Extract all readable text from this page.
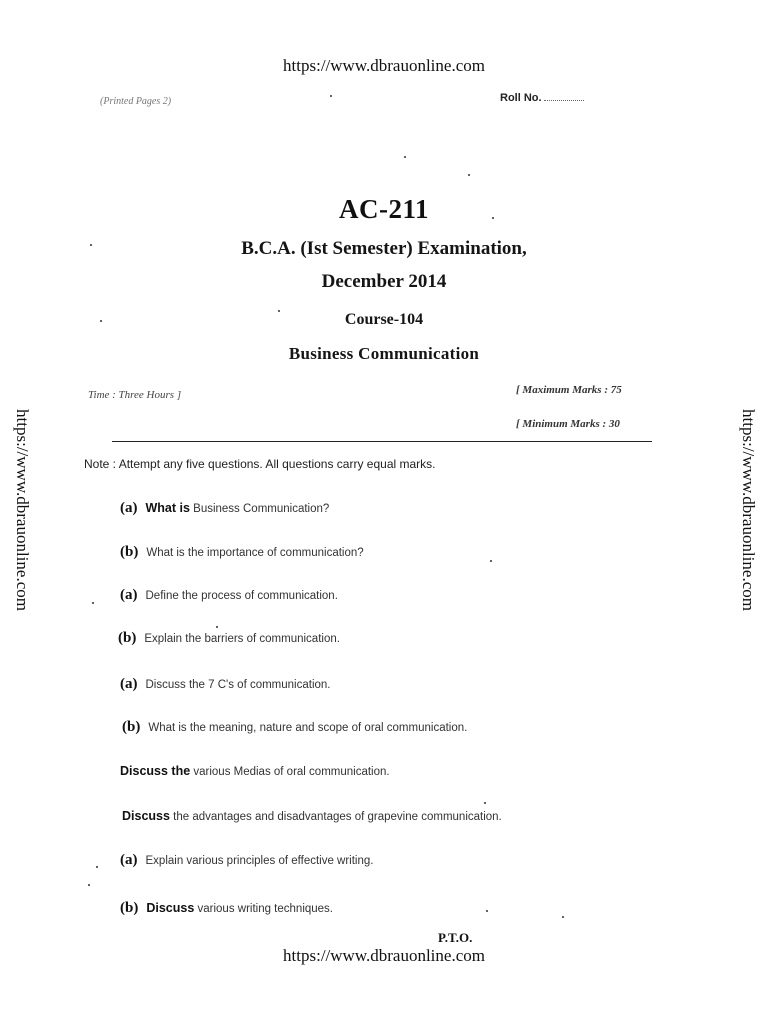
https://www.dbrauonline.com
https://www.dbrauonline.com
https://www.dbrauonline.com	https://www.dbrauonline.com
(Printed Pages 2)	Roll No.
AC-211
B.C.A. (Ist Semester) Examination,
December 2014
Course-104
Business Communication
Time : Three Hours ]	[ Maximum Marks : 75
[ Minimum Marks : 30
Note : Attempt any five questions. All questions carry equal marks.
(a) What is Business Communication?
(b) What is the importance of communication?
(a) Define the process of communication.
(b) Explain the barriers of communication.
(a) Discuss the 7 C's of communication.
(b) What is the meaning, nature and scope of oral communication.
Discuss the various Medias of oral communication.
Discuss the advantages and disadvantages of grapevine communication.
(a) Explain various principles of effective writing.
(b) Discuss various writing techniques.
P.T.O.
